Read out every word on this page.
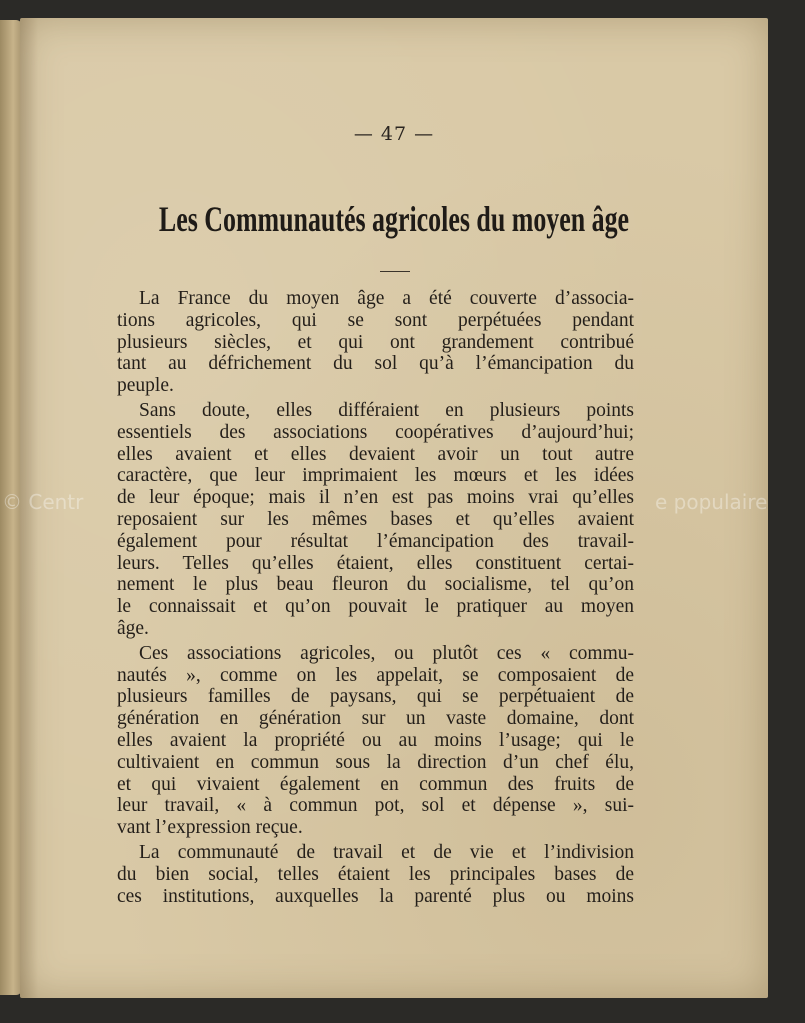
— 47 —
Les Communautés agricoles du moyen âge

La France du moyen âge a été couverte d’associa-
tions agricoles, qui se sont perpétuées pendant
plusieurs siècles, et qui ont grandement contribué
tant au défrichement du sol qu’à l’émancipation du
peuple.

Sans doute, elles différaient en plusieurs points
essentiels des associations coopératives d’aujourd’hui;
elles avaient et elles devaient avoir un tout autre
caractère, que leur imprimaient les mœurs et les idées
de leur époque; mais il n’en est pas moins vrai qu’elles
reposaient sur les mêmes bases et qu’elles avaient
également pour résultat l’émancipation des travail-
leurs. Telles qu’elles étaient, elles constituent certai-
nement le plus beau fleuron du socialisme, tel qu’on
le connaissait et qu’on pouvait le pratiquer au moyen
âge.

Ces associations agricoles, ou plutôt ces « commu-
nautés », comme on les appelait, se composaient de
plusieurs familles de paysans, qui se perpétuaient de
génération en génération sur un vaste domaine, dont
elles avaient la propriété ou au moins l’usage; qui le
cultivaient en commun sous la direction d’un chef élu,
et qui vivaient également en commun des fruits de
leur travail, « à commun pot, sol et dépense », sui-
vant l’expression reçue.

La communauté de travail et de vie et l’indivision
du bien social, telles étaient les principales bases de
ces institutions, auxquelles la parenté plus ou moins

© Centr	e populaire
